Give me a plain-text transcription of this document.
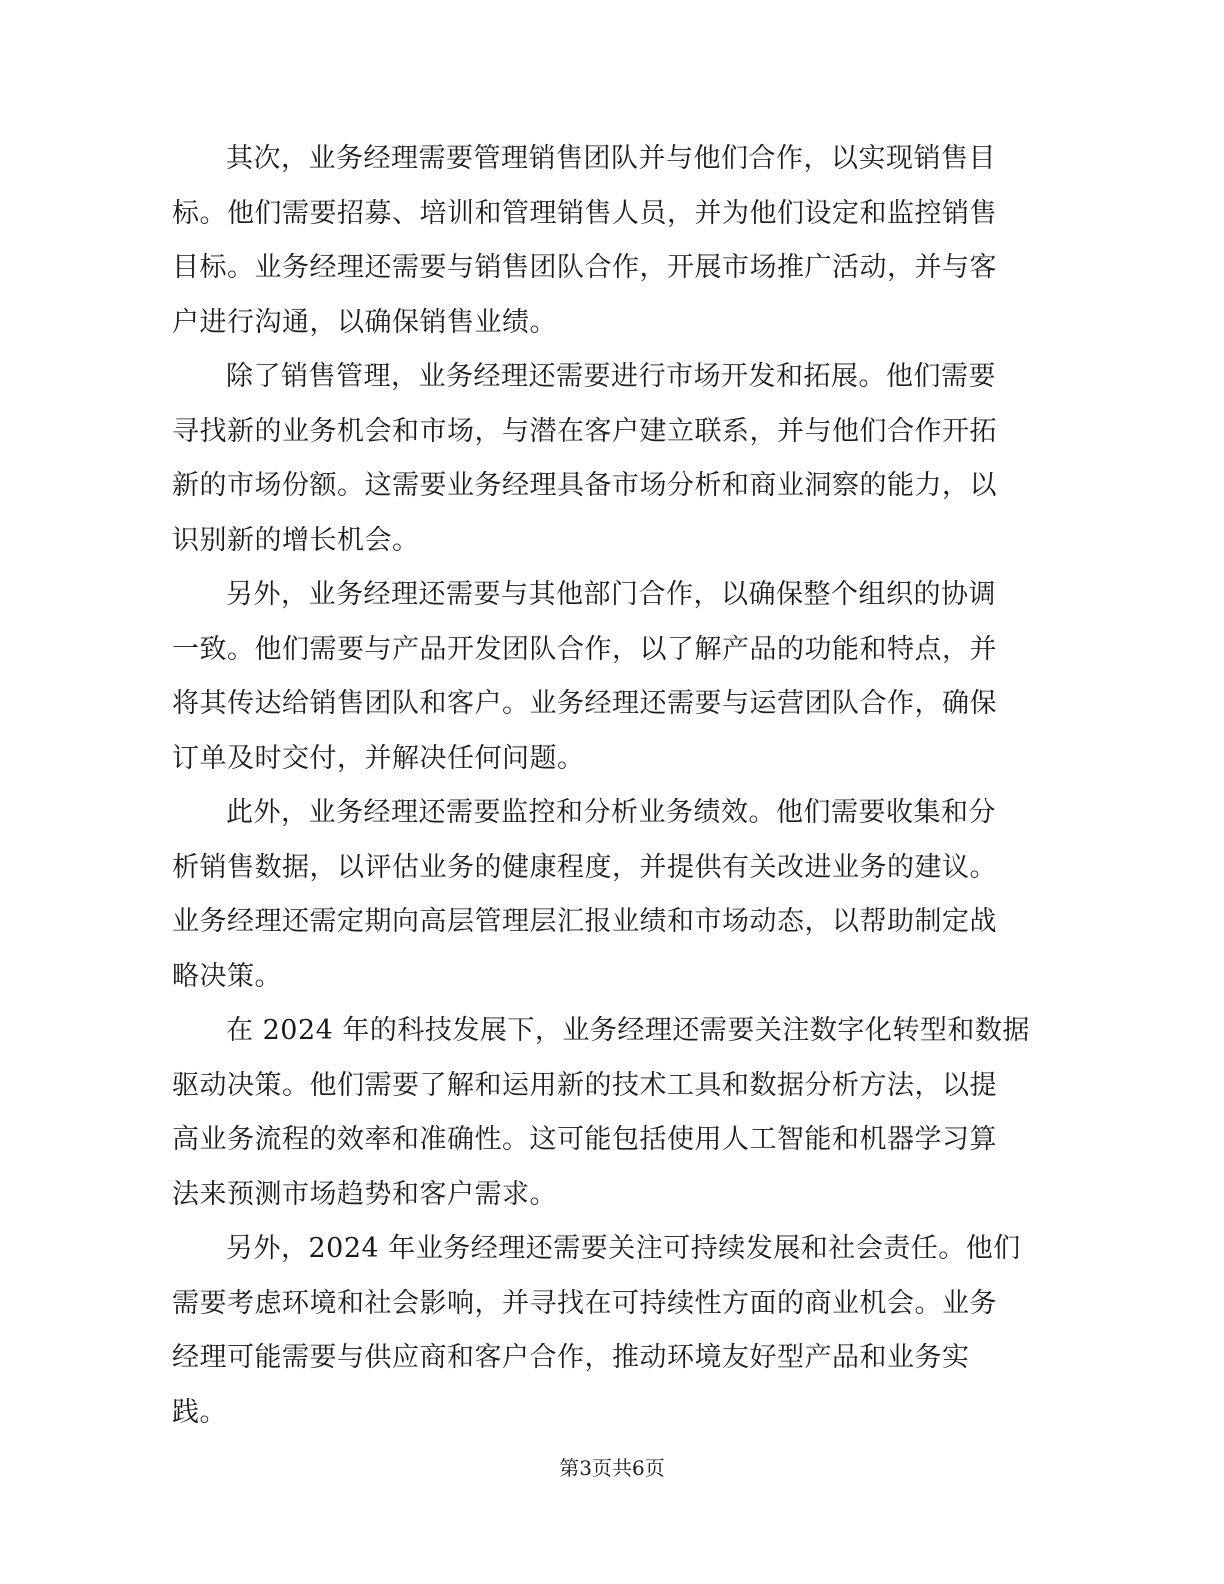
其次，业务经理需要管理销售团队并与他们合作，以实现销售目
标。他们需要招募、培训和管理销售人员，并为他们设定和监控销售
目标。业务经理还需要与销售团队合作，开展市场推广活动，并与客
户进行沟通，以确保销售业绩。

除了销售管理，业务经理还需要进行市场开发和拓展。他们需要
寻找新的业务机会和市场，与潜在客户建立联系，并与他们合作开拓
新的市场份额。这需要业务经理具备市场分析和商业洞察的能力，以
识别新的增长机会。

另外，业务经理还需要与其他部门合作，以确保整个组织的协调
一致。他们需要与产品开发团队合作，以了解产品的功能和特点，并
将其传达给销售团队和客户。业务经理还需要与运营团队合作，确保
订单及时交付，并解决任何问题。

此外，业务经理还需要监控和分析业务绩效。他们需要收集和分
析销售数据，以评估业务的健康程度，并提供有关改进业务的建议。
业务经理还需定期向高层管理层汇报业绩和市场动态，以帮助制定战
略决策。

在 2024 年的科技发展下，业务经理还需要关注数字化转型和数据
驱动决策。他们需要了解和运用新的技术工具和数据分析方法，以提
高业务流程的效率和准确性。这可能包括使用人工智能和机器学习算
法来预测市场趋势和客户需求。

另外，2024 年业务经理还需要关注可持续发展和社会责任。他们
需要考虑环境和社会影响，并寻找在可持续性方面的商业机会。业务
经理可能需要与供应商和客户合作，推动环境友好型产品和业务实
践。

第3页共6页
